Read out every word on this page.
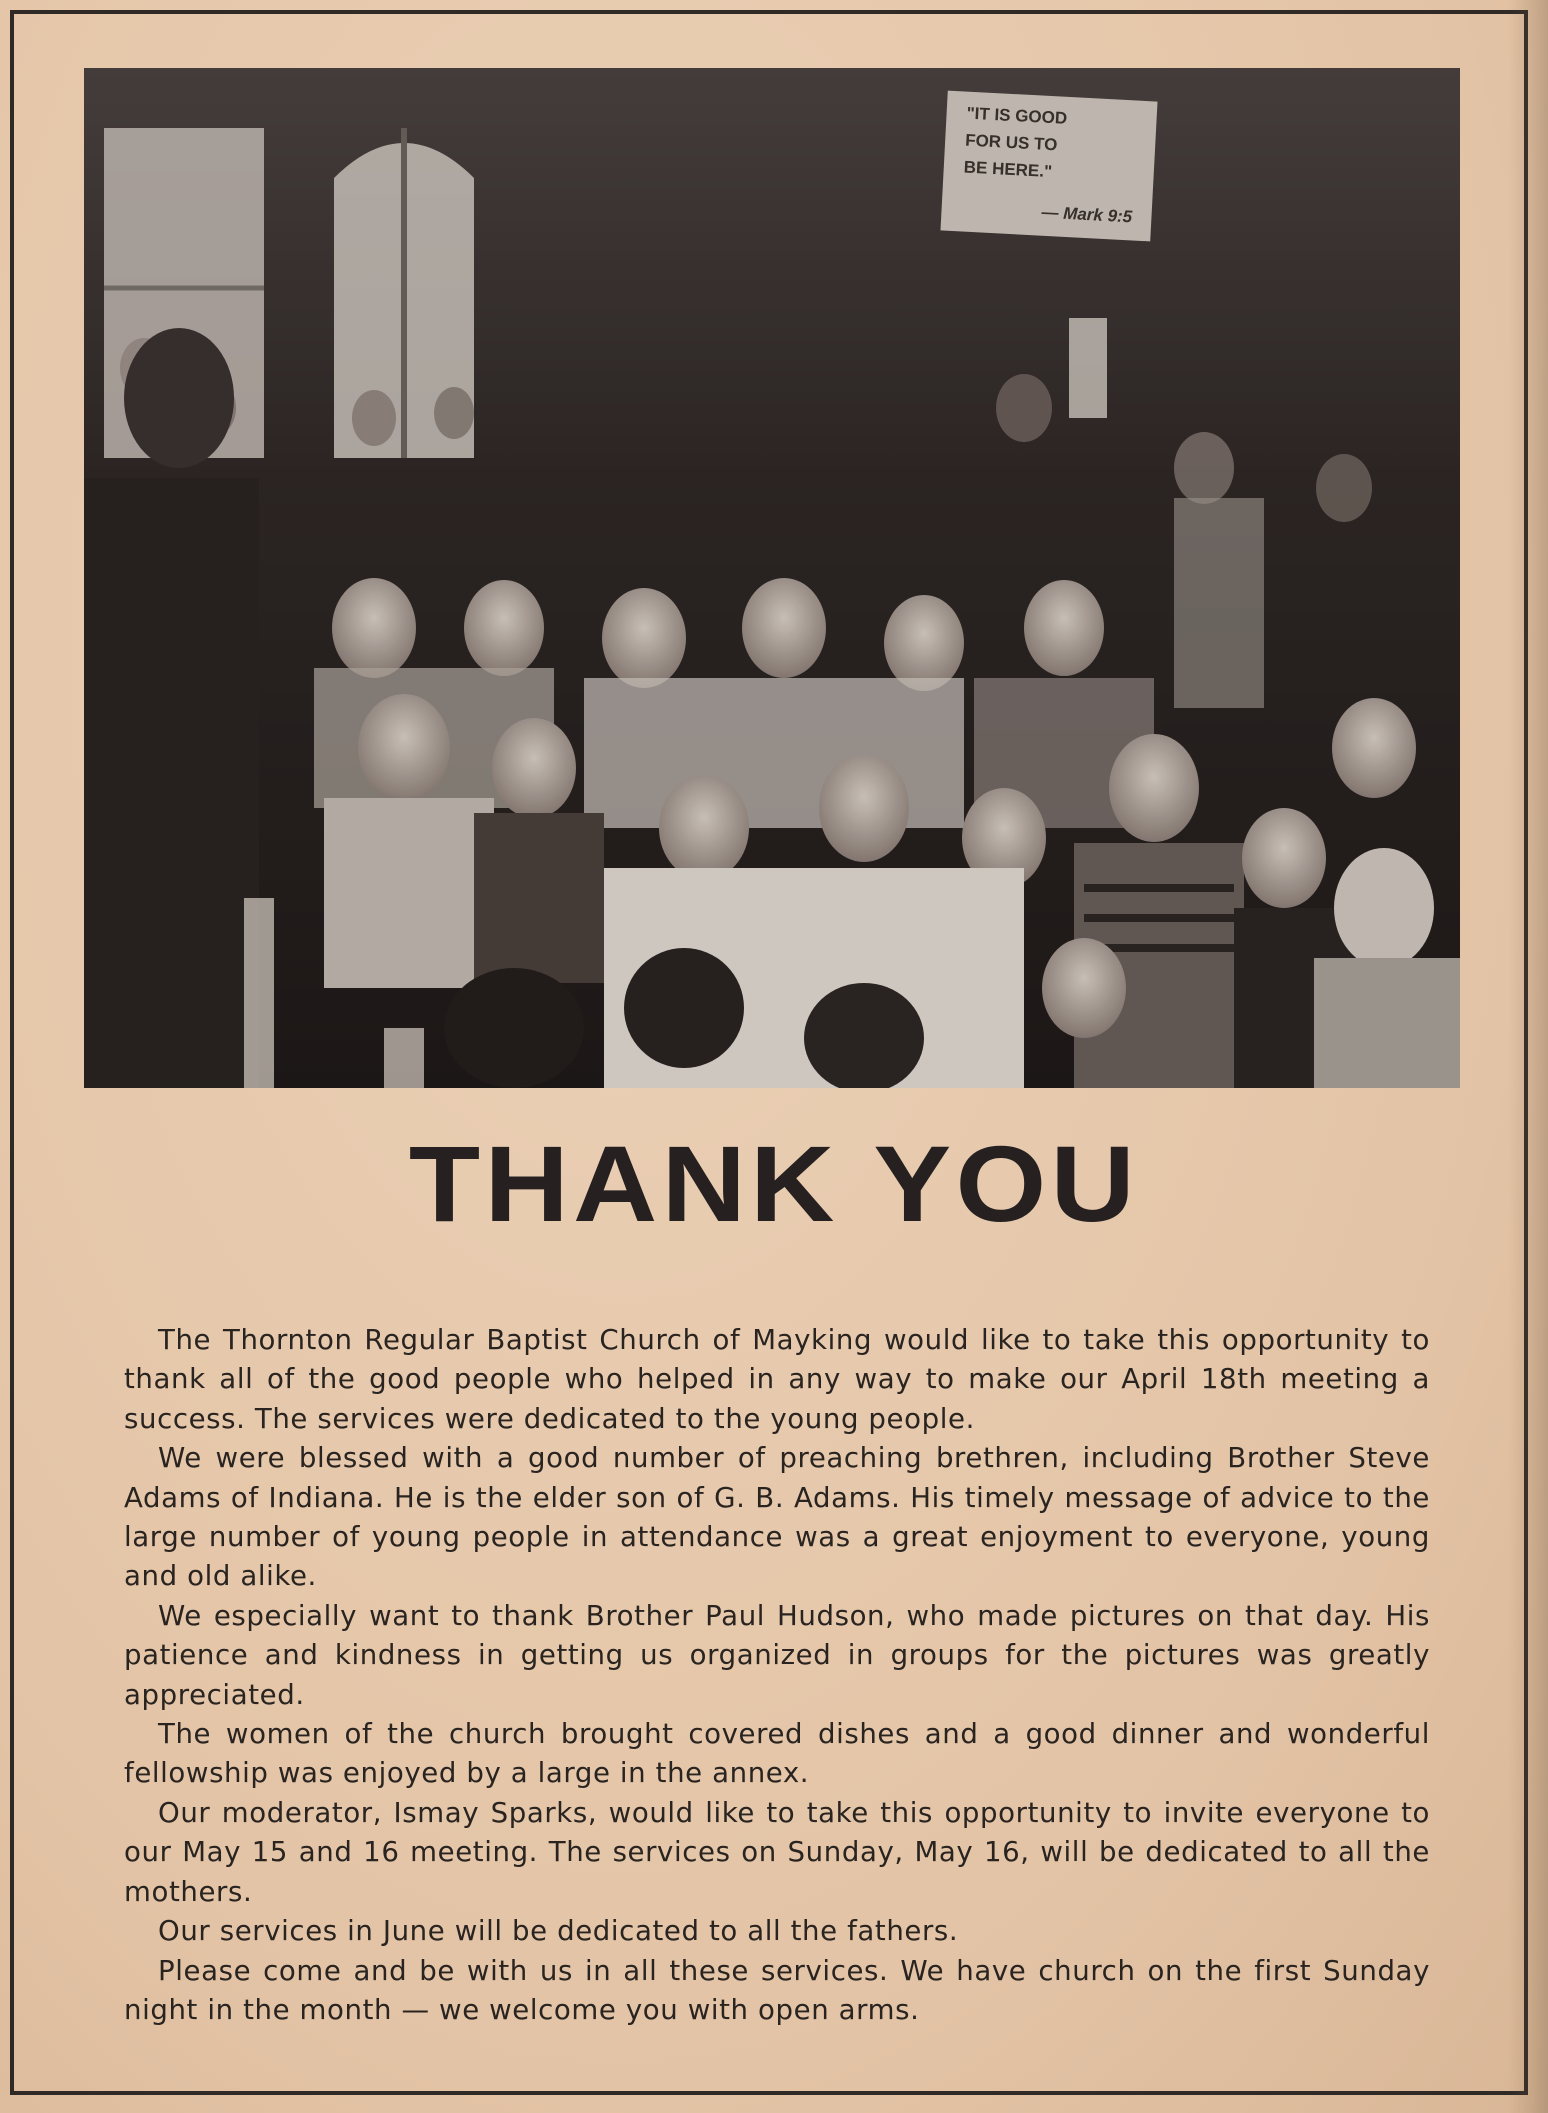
"IT IS GOOD
FOR US TO
BE HERE."
— Mark 9:5
THANK YOU

The Thornton Regular Baptist Church of Mayking would like to take this opportunity to thank all of the good people who helped in any way to make our April 18th meeting a success. The services were dedicated to the young people.

We were blessed with a good number of preaching brethren, including Brother Steve Adams of Indiana. He is the elder son of G. B. Adams. His timely message of advice to the large number of young people in attendance was a great enjoyment to everyone, young and old alike.

We especially want to thank Brother Paul Hudson, who made pictures on that day. His patience and kindness in getting us organized in groups for the pictures was greatly appreciated.

The women of the church brought covered dishes and a good dinner and wonderful fellowship was enjoyed by a large in the annex.

Our moderator, Ismay Sparks, would like to take this opportunity to invite everyone to our May 15 and 16 meeting. The services on Sunday, May 16, will be dedicated to all the mothers.

Our services in June will be dedicated to all the fathers.

Please come and be with us in all these services. We have church on the first Sunday night in the month — we welcome you with open arms.
